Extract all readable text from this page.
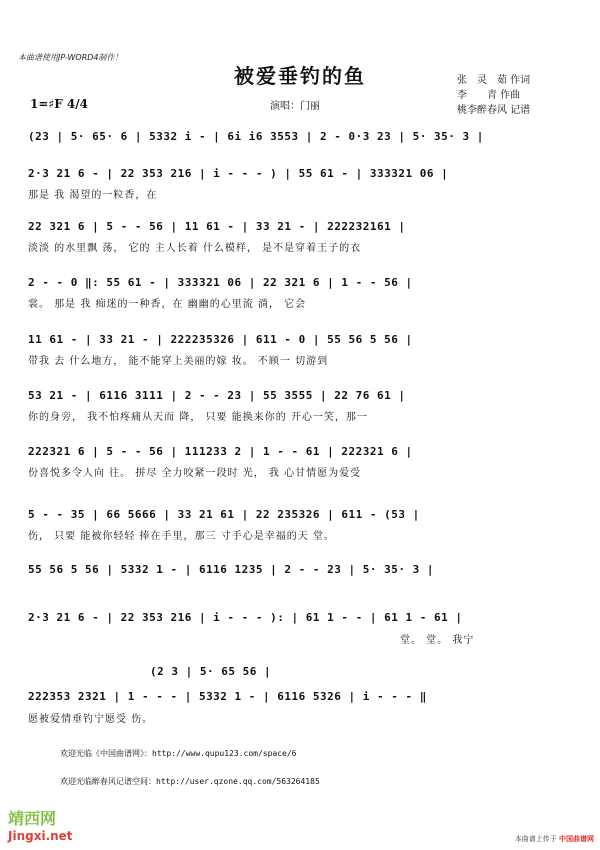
本曲谱使用JP-WORD4制作！
被爱垂钓的鱼	张　灵　茹 作词
李　　青 作曲
桃李醉春风 记谱
1=♯F 4/4	演唱：门丽
(23 | 5· 65· 6 | 5332 i - | 6i i6 3553 | 2 - 0·3 23 | 5· 35· 3 |
2·3 21 6 - | 22 353 216 | i - - - ) | 55 61 - | 333321 06 |
那是 我 渴望的一粒香，在
22 321 6 | 5 - - 56 | 11 61 - | 33 21 - | 222232161 |
淡淡 的水里飘 荡， 它的 主人长着 什么模样， 是不是穿着王子的衣
2 - - 0 ‖: 55 61 - | 333321 06 | 22 321 6 | 1 - - 56 |
裳。 那是 我 痴迷的一种香，在 幽幽的心里流 淌， 它会
11 61 - | 33 21 - | 222235326 | 611 - 0 | 55 56 5 56 |
带我 去 什么地方， 能不能穿上美丽的嫁 妆。 不顾一 切游到
53 21 - | 6116 3111 | 2 - - 23 | 55 3555 | 22 76 61 |
你的身旁， 我不怕疼痛从天而 降， 只要 能换来你的 开心一笑，那一
222321 6 | 5 - - 56 | 111233 2 | 1 - - 61 | 222321 6 |
份喜悦多令人向 往。 拼尽 全力咬紧一段时 光， 我 心甘情愿为爱受
5 - - 35 | 66 5666 | 33 21 61 | 22 235326 | 611 - (53 |
伤， 只要 能被你轻轻 捧在手里，那三 寸手心是幸福的天 堂。
55 56 5 56 | 5332 1 - | 6116 1235 | 2 - - 23 | 5· 35· 3 |
2·3 21 6 - | 22 353 216 | i - - - ): | 61 1 - - | 61 1 - 61 |
堂。 堂。 我宁
(2 3 | 5· 65 56 |
222353 2321 | 1 - - - | 5332 1 - | 6116 5326 | i - - - ‖
愿被爱情垂钓宁愿受 伤。
欢迎光临《中国曲谱网》：http://www.qupu123.com/space/6
欢迎光临醉春风记谱空间：http://user.qzone.qq.com/563264185
靖西网
Jingxi.net	本曲谱上传于 中国曲谱网
